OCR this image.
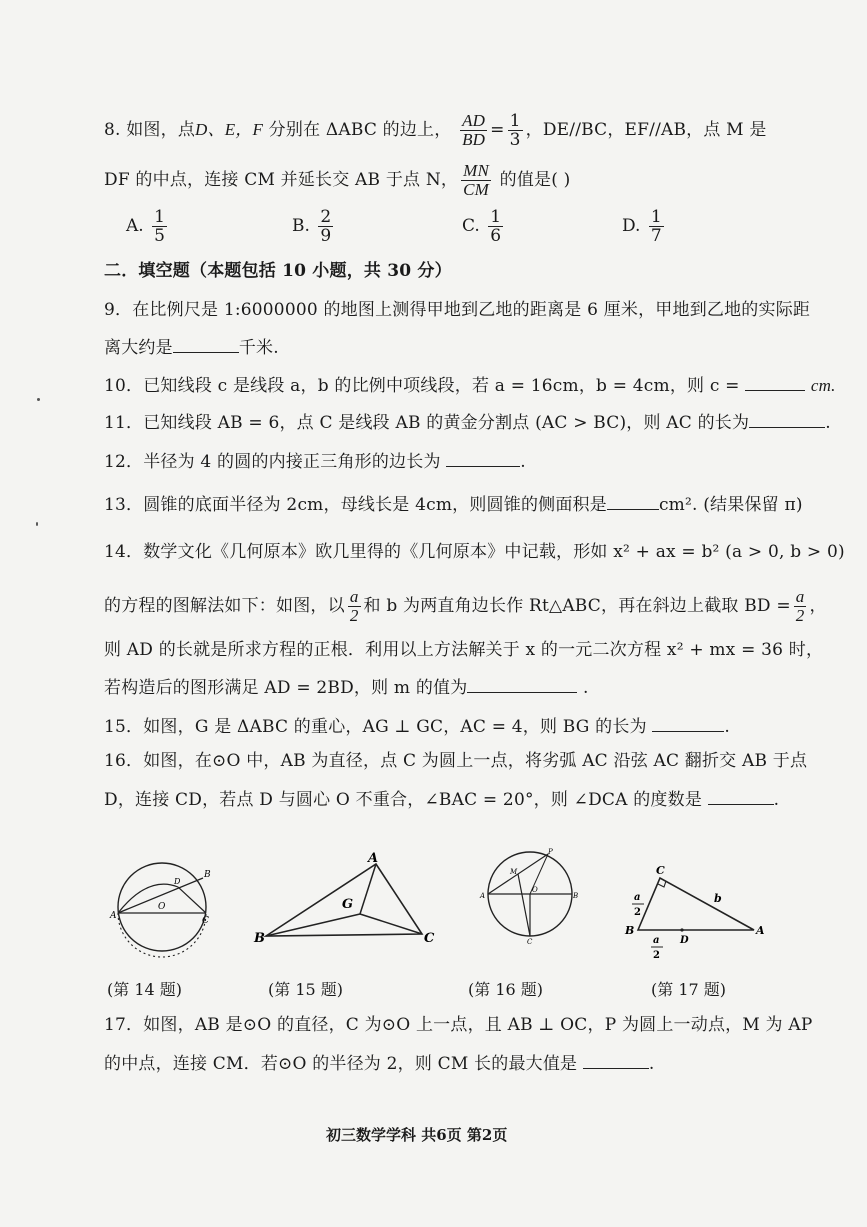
8. 如图，点D、E，F 分别在 ΔABC 的边上， $\frac{AD}{BD} = \frac{1}{3}$ ，DE//BC，EF//AB，点 M 是
DF 的中点，连接 CM 并延长交 AB 于点 N， $\frac{MN}{CM}$ 的值是( )
A. $\frac{1}{5}$	B. $\frac{2}{9}$	C. $\frac{1}{6}$	D. $\frac{1}{7}$
二．填空题（本题包括 10 小题，共 30 分）
9．在比例尺是 1:6000000 的地图上测得甲地到乙地的距离是 6 厘米，甲地到乙地的实际距
离大约是	千米.
10．已知线段 c 是线段 a，b 的比例中项线段，若 a = 16cm，b = 4cm，则 c =	cm.
11．已知线段 AB = 6，点 C 是线段 AB 的黄金分割点 (AC > BC)，则 AC 的长为	.
12．半径为 4 的圆的内接正三角形的边长为	.
13．圆锥的底面半径为 2cm，母线长是 4cm，则圆锥的侧面积是	cm². (结果保留 π)
14．数学文化《几何原本》欧几里得的《几何原本》中记载，形如 x² + ax = b² (a > 0, b > 0)
的方程的图解法如下：如图，以 $\frac{a}{2}$ 和 b 为两直角边长作 Rt△ABC，再在斜边上截取 BD = $\frac{a}{2}$ ，
则 AD 的长就是所求方程的正根．利用以上方法解关于 x 的一元二次方程 x² + mx = 36 时，
若构造后的图形满足 AD = 2BD，则 m 的值为	.
15．如图，G 是 ΔABC 的重心，AG ⊥ GC，AC = 4，则 BG 的长为	.
16．如图，在⊙O 中，AB 为直径，点 C 为圆上一点，将劣弧 AC 沿弦 AC 翻折交 AB 于点
D，连接 CD，若点 D 与圆心 O 不重合，∠BAC = 20°，则 ∠DCA 的度数是	.
A
B
C
D
O
(第 14 题)
A
B	C
G
(第 15 题)
A	B
C
O
P
M
(第 16 题)
C
B	A
D
b
a
2
a
2
(第 17 题)
17．如图，AB 是⊙O 的直径，C 为⊙O 上一点，且 AB ⊥ OC，P 为圆上一动点，M 为 AP
的中点，连接 CM．若⊙O 的半径为 2，则 CM 长的最大值是	.
初三数学学科 共6页 第2页
